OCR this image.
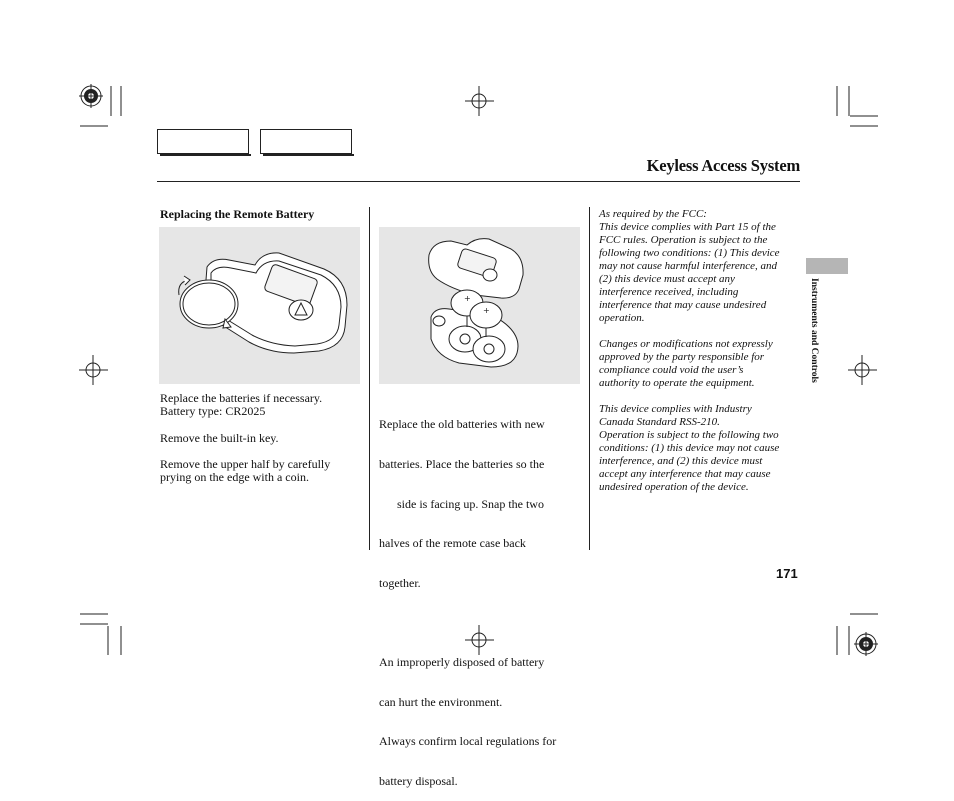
Keyless Access System
Replacing the Remote Battery
+
+
Replace the batteries if necessary.
Battery type: CR2025
Remove the built-in key.
Remove the upper half by carefully
prying on the edge with a coin.

Replace the old batteries with new

batteries. Place the batteries so the

side is facing up. Snap the two

halves of the remote case back

together.

An improperly disposed of battery

can hurt the environment.

Always confirm local regulations for

battery disposal.

As required by the FCC:
This device complies with Part 15 of the
FCC rules. Operation is subject to the
following two conditions: (1) This device
may not cause harmful interference, and
(2) this device must accept any
interference received, including
interference that may cause undesired
operation.
Changes or modifications not expressly
approved by the party responsible for
compliance could void the user’s
authority to operate the equipment.
This device complies with Industry
Canada Standard RSS-210.
Operation is subject to the following two
conditions: (1) this device may not cause
interference, and (2) this device must
accept any interference that may cause
undesired operation of the device.
Instruments and Controls
171
